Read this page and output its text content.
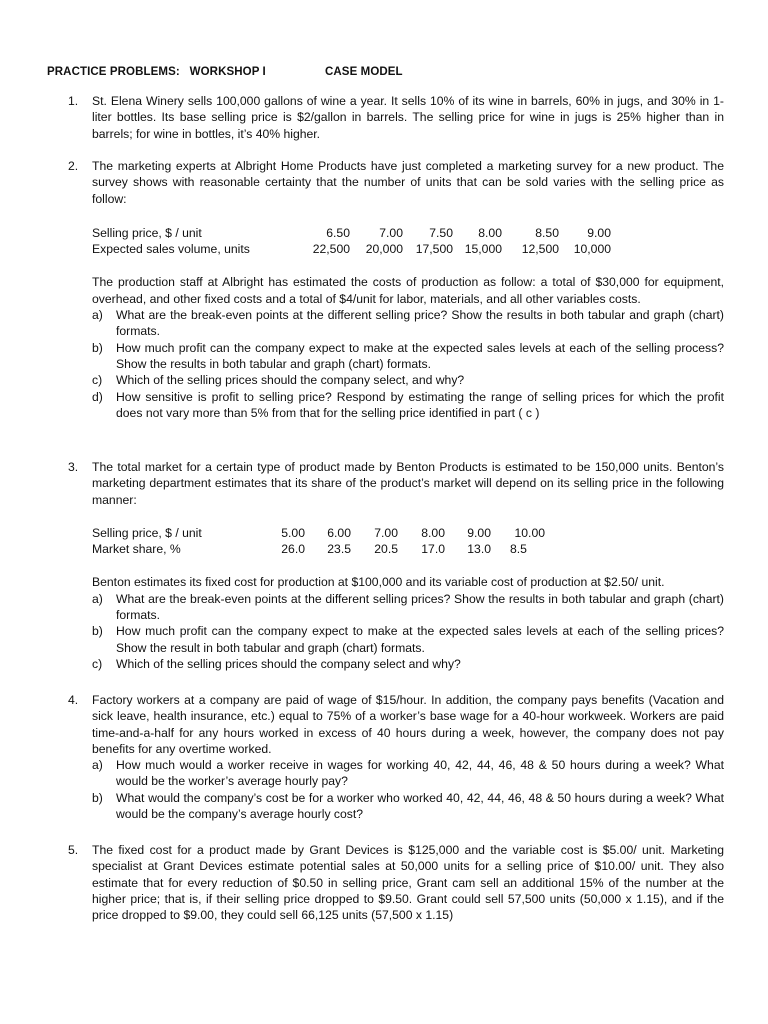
PRACTICE PROBLEMS:   WORKSHOP I	CASE MODEL
1. St. Elena Winery sells 100,000 gallons of wine a year. It sells 10% of its wine in barrels, 60% in jugs, and 30% in 1-liter bottles. Its base selling price is $2/gallon in barrels. The selling price for wine in jugs is 25% higher than in barrels; for wine in bottles, it’s 40% higher.

2. The marketing experts at Albright Home Products have just completed a marketing survey for a new product. The survey shows with reasonable certainty that the number of units that can be sold varies with the selling price as follow:

Selling price, $ / unit	6.50	7.00	7.50	8.00	8.50	9.00
Expected sales volume, units	22,500	20,000	17,500	15,000	12,500	10,000

The production staff at Albright has estimated the costs of production as follow: a total of $30,000 for equipment, overhead, and other fixed costs and a total of $4/unit for labor, materials, and all other variables costs.

a) What are the break-even points at the different selling price? Show the results in both tabular and graph (chart) formats.
b) How much profit can the company expect to make at the expected sales levels at each of the selling process? Show the results in both tabular and graph (chart) formats.
c) Which of the selling prices should the company select, and why?
d) How sensitive is profit to selling price? Respond by estimating the range of selling prices for which the profit does not vary more than 5% from that for the selling price identified in part ( c )
3. The total market for a certain type of product made by Benton Products is estimated to be 150,000 units. Benton’s marketing department estimates that its share of the product’s market will depend on its selling price in the following manner:

Selling price, $ / unit	5.00	6.00	7.00	8.00	9.00	10.00
Market share, %	26.0	23.5	20.5	17.0	13.0	8.5

Benton estimates its fixed cost for production at $100,000 and its variable cost of production at $2.50/ unit.

a) What are the break-even points at the different selling prices? Show the results in both tabular and graph (chart) formats.
b) How much profit can the company expect to make at the expected sales levels at each of the selling prices? Show the result in both tabular and graph (chart) formats.
c) Which of the selling prices should the company select and why?
4. Factory workers at a company are paid of wage of $15/hour. In addition, the company pays benefits (Vacation and sick leave, health insurance, etc.) equal to 75% of a worker’s base wage for a 40-hour workweek. Workers are paid time-and-a-half for any hours worked in excess of 40 hours during a week, however, the company does not pay benefits for any overtime worked.

a) How much would a worker receive in wages for working 40, 42, 44, 46, 48 & 50 hours during a week? What would be the worker’s average hourly pay?
b) What would the company’s cost be for a worker who worked 40, 42, 44, 46, 48 & 50 hours during a week? What would be the company’s average hourly cost?
5. The fixed cost for a product made by Grant Devices is $125,000 and the variable cost is $5.00/ unit. Marketing specialist at Grant Devices estimate potential sales at 50,000 units for a selling price of $10.00/ unit. They also estimate that for every reduction of $0.50 in selling price, Grant cam sell an additional 15% of the number at the higher price; that is, if their selling price dropped to $9.50. Grant could sell 57,500 units (50,000 x 1.15), and if the price dropped to $9.00, they could sell 66,125 units (57,500 x 1.15)
